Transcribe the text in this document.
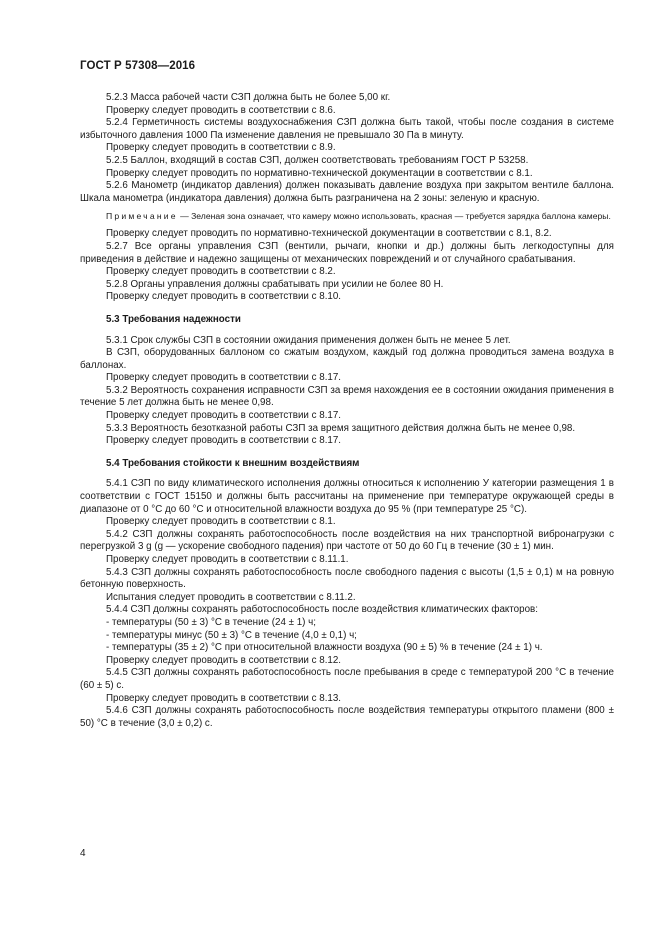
ГОСТ Р 57308—2016

5.2.3 Масса рабочей части СЗП должна быть не более 5,00 кг.

Проверку следует проводить в соответствии с 8.6.

5.2.4 Герметичность системы воздухоснабжения СЗП должна быть такой, чтобы после создания в системе избыточного давления 1000 Па изменение давления не превышало 30 Па в минуту.

Проверку следует проводить в соответствии с 8.9.

5.2.5 Баллон, входящий в состав СЗП, должен соответствовать требованиям ГОСТ Р 53258.

Проверку следует проводить по нормативно-технической документации в соответствии с 8.1.

5.2.6 Манометр (индикатор давления) должен показывать давление воздуха при закрытом вентиле баллона. Шкала манометра (индикатора давления) должна быть разграничена на 2 зоны: зеленую и красную.

Примечание — Зеленая зона означает, что камеру можно использовать, красная — требуется зарядка баллона камеры.

Проверку следует проводить по нормативно-технической документации в соответствии с 8.1, 8.2.

5.2.7 Все органы управления СЗП (вентили, рычаги, кнопки и др.) должны быть легкодоступны для приведения в действие и надежно защищены от механических повреждений и от случайного срабатывания.

Проверку следует проводить в соответствии с 8.2.

5.2.8 Органы управления должны срабатывать при усилии не более 80 Н.

Проверку следует проводить в соответствии с 8.10.

5.3 Требования надежности

5.3.1 Срок службы СЗП в состоянии ожидания применения должен быть не менее 5 лет.

В СЗП, оборудованных баллоном со сжатым воздухом, каждый год должна проводиться замена воздуха в баллонах.

Проверку следует проводить в соответствии с 8.17.

5.3.2 Вероятность сохранения исправности СЗП за время нахождения ее в состоянии ожидания применения в течение 5 лет должна быть не менее 0,98.

Проверку следует проводить в соответствии с 8.17.

5.3.3 Вероятность безотказной работы СЗП за время защитного действия должна быть не менее 0,98.

Проверку следует проводить в соответствии с 8.17.

5.4 Требования стойкости к внешним воздействиям

5.4.1 СЗП по виду климатического исполнения должны относиться к исполнению У категории размещения 1 в соответствии с ГОСТ 15150 и должны быть рассчитаны на применение при температуре окружающей среды в диапазоне от 0 °С до 60 °С и относительной влажности воздуха до 95 % (при температуре 25 °С).

Проверку следует проводить в соответствии с 8.1.

5.4.2 СЗП должны сохранять работоспособность после воздействия на них транспортной вибронагрузки с перегрузкой 3 g (g — ускорение свободного падения) при частоте от 50 до 60 Гц в течение (30 ± 1) мин.

Проверку следует проводить в соответствии с 8.11.1.

5.4.3 СЗП должны сохранять работоспособность после свободного падения с высоты (1,5 ± 0,1) м на ровную бетонную поверхность.

Испытания следует проводить в соответствии с 8.11.2.

5.4.4 СЗП должны сохранять работоспособность после воздействия климатических факторов:

- температуры (50 ± 3) °С в течение (24 ± 1) ч;

- температуры минус (50 ± 3) °С в течение (4,0 ± 0,1) ч;

- температуры (35 ± 2) °С при относительной влажности воздуха (90 ± 5) % в течение (24 ± 1) ч.

Проверку следует проводить в соответствии с 8.12.

5.4.5 СЗП должны сохранять работоспособность после пребывания в среде с температурой 200 °С в течение (60 ± 5) с.

Проверку следует проводить в соответствии с 8.13.

5.4.6 СЗП должны сохранять работоспособность после воздействия температуры открытого пламени (800 ± 50) °С в течение (3,0 ± 0,2) с.

4
